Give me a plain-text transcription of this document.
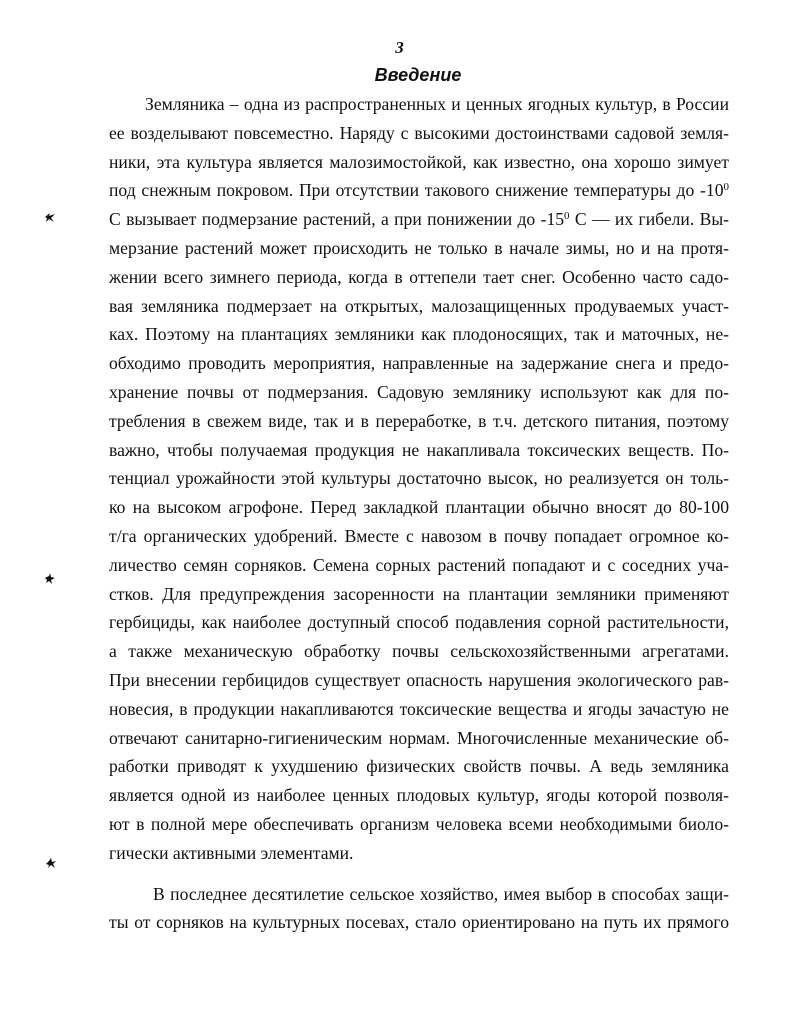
3
Введение
Земляника – одна из распространенных и ценных ягодных культур, в России
ее возделывают повсеместно. Наряду с высокими достоинствами садовой земля-
ники, эта культура является малозимостойкой, как известно, она хорошо зимует
под снежным покровом. При отсутствии такового снижение температуры до $-10^0$
С вызывает подмерзание растений, а при понижении до $-15^0$ С — их гибели. Вы-
мерзание растений может происходить не только в начале зимы, но и на протя-
жении всего зимнего периода, когда в оттепели тает снег. Особенно часто садо-
вая земляника подмерзает на открытых, малозащищенных продуваемых участ-
ках. Поэтому на плантациях земляники как плодоносящих, так и маточных, не-
обходимо проводить мероприятия, направленные на задержание снега и предо-
хранение почвы от подмерзания. Садовую землянику используют как для по-
требления в свежем виде, так и в переработке, в т.ч. детского питания, поэтому
важно, чтобы получаемая продукция не накапливала токсических веществ. По-
тенциал урожайности этой культуры достаточно высок, но реализуется он толь-
ко на высоком агрофоне. Перед закладкой плантации обычно вносят до 80-100
т/га органических удобрений. Вместе с навозом в почву попадает огромное ко-
личество семян сорняков. Семена сорных растений попадают и с соседних уча-
стков. Для предупреждения засоренности на плантации земляники применяют
гербициды, как наиболее доступный способ подавления сорной растительности,
а также механическую обработку почвы сельскохозяйственными агрегатами.
При внесении гербицидов существует опасность нарушения экологического рав-
новесия, в продукции накапливаются токсические вещества и ягоды зачастую не
отвечают санитарно-гигиеническим нормам. Многочисленные механические об-
работки приводят к ухудшению физических свойств почвы. А ведь земляника
является одной из наиболее ценных плодовых культур, ягоды которой позволя-
ют в полной мере обеспечивать организм человека всеми необходимыми биоло-
гически активными элементами.
В последнее десятилетие сельское хозяйство, имея выбор в способах защи-
ты от сорняков на культурных посевах, стало ориентировано на путь их прямого
